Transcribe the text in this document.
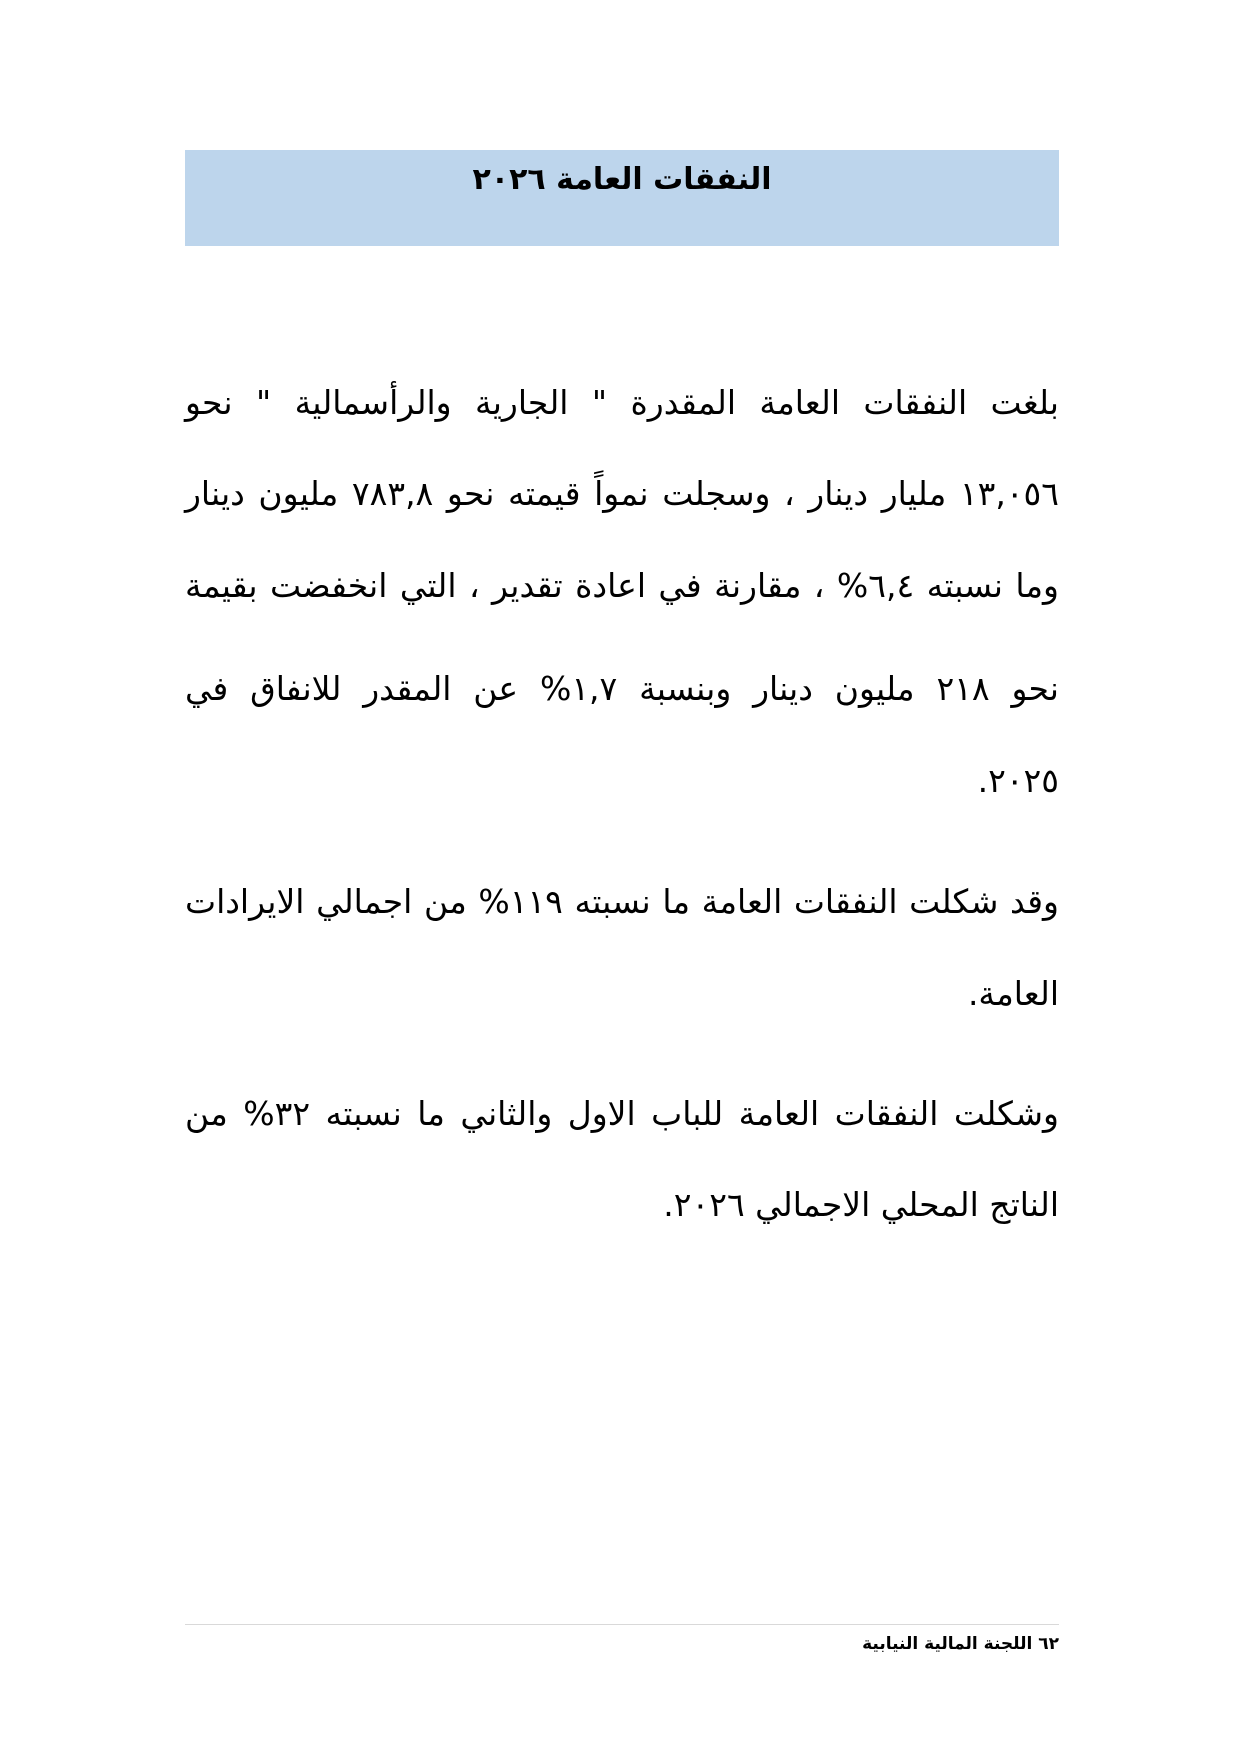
النفقات العامة ٢٠٢٦
بلغت النفقات العامة المقدرة " الجارية والرأسمالية " نحو
١٣,٠٥٦ مليار دينار ، وسجلت نمواً قيمته نحو ٧٨٣,٨ مليون دينار
وما نسبته ٦,٤% ، مقارنة في اعادة تقدير ، التي انخفضت بقيمة
نحو ٢١٨ مليون دينار وبنسبة ١,٧% عن المقدر للانفاق في
٢٠٢٥.
وقد شكلت النفقات العامة ما نسبته ١١٩% من اجمالي الايرادات
العامة.
وشكلت النفقات العامة للباب الاول والثاني ما نسبته ٣٢% من
الناتج المحلي الاجمالي ٢٠٢٦.
٦٢ اللجنة المالية النيابية
